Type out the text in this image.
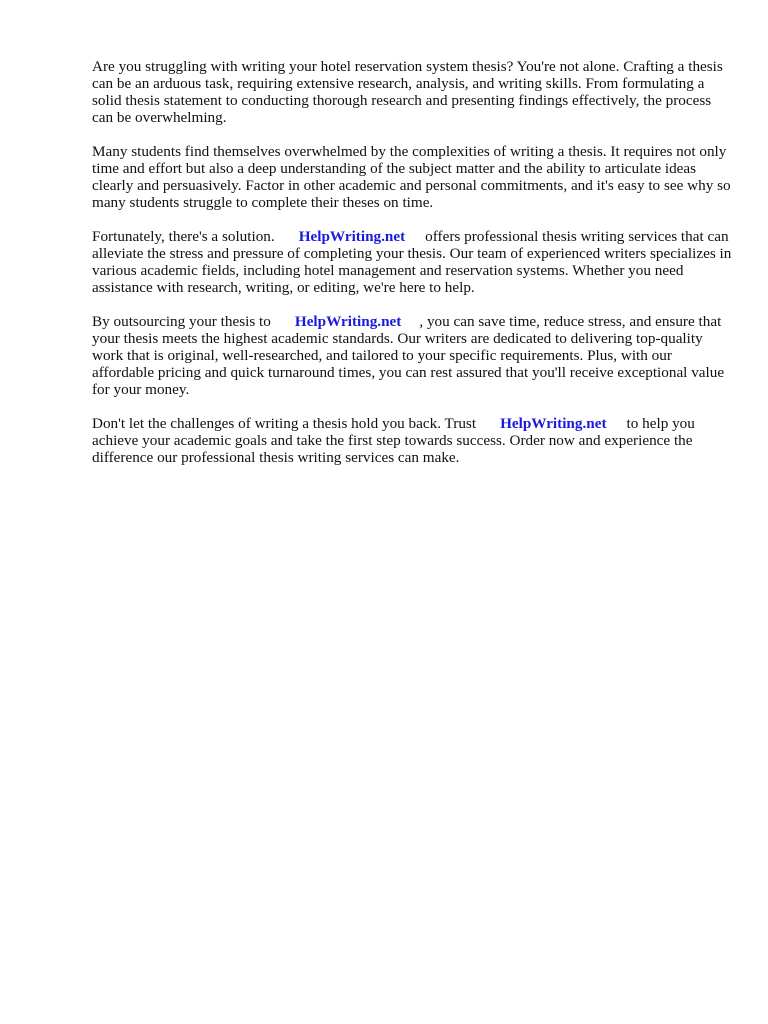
Are you struggling with writing your hotel reservation system thesis? You're not alone. Crafting a thesis can be an arduous task, requiring extensive research, analysis, and writing skills. From formulating a solid thesis statement to conducting thorough research and presenting findings effectively, the process can be overwhelming.

Many students find themselves overwhelmed by the complexities of writing a thesis. It requires not only time and effort but also a deep understanding of the subject matter and the ability to articulate ideas clearly and persuasively. Factor in other academic and personal commitments, and it's easy to see why so many students struggle to complete their theses on time.

Fortunately, there's a solution. HelpWriting.net offers professional thesis writing services that can alleviate the stress and pressure of completing your thesis. Our team of experienced writers specializes in various academic fields, including hotel management and reservation systems. Whether you need assistance with research, writing, or editing, we're here to help.

By outsourcing your thesis to HelpWriting.net , you can save time, reduce stress, and ensure that your thesis meets the highest academic standards. Our writers are dedicated to delivering top-quality work that is original, well-researched, and tailored to your specific requirements. Plus, with our affordable pricing and quick turnaround times, you can rest assured that you'll receive exceptional value for your money.

Don't let the challenges of writing a thesis hold you back. Trust HelpWriting.net to help you achieve your academic goals and take the first step towards success. Order now and experience the difference our professional thesis writing services can make.
